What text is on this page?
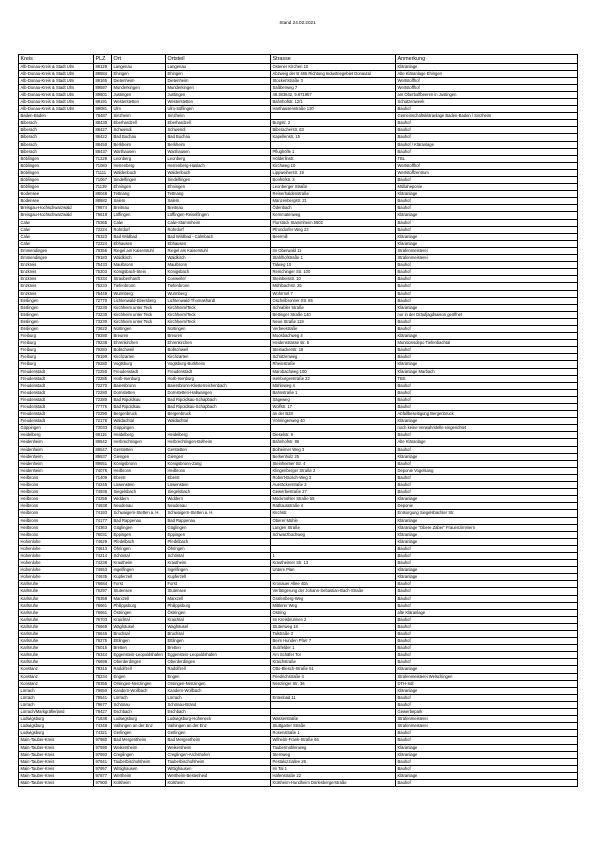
Stand 24.02.2021
Kreis	PLZ	Ort	Ortsteil	Strasse	Anmerkung
Alb-Donau-Kreis & Stadt Ulm	89129	Langenau	Langenau	Ostener Kirchen 10	Kläranlage
Alb-Donau-Kreis & Stadt Ulm	89584	Ehingen	Ehingen	Abzweig der B 465 Richtung Industriegebiet Donautal	Alte Kläranlage Ehingen
Alb-Donau-Kreis & Stadt Ulm	89165	Dietenheim	Dietenheim	Stockertstraße 3	Wertstoffhof
Alb-Donau-Kreis & Stadt Ulm	89597	Munderkingen	Munderkingen	Saßberweg 7	Wertstoffhof
Alb-Donau-Kreis & Stadt Ulm	89601	Justingen	Justingen	48.383642, 9.671957	am Oberbolfbeeren in Justingen
Alb-Donau-Kreis & Stadt Ulm	89191	Westerstetten	Westerstetten	Bahnhofstr. 12/1	Schützenweek
Alb-Donau-Kreis & Stadt Ulm	89081	Ulm	Ulm-Söflingen	Harthausenstraße 130	Bauhof
Baden-Baden	76487	Sinzheim	Sinzheim		Gemeinschaftskläranlage Baden-Baden / Sinzheim
Biberach	88430	Eberhardzell	Eberhardzell	Burgstr. 2	Bauhof
Biberach	88427	Schwendi	Schwendi	Biberacherstr. 63	Bauhof
Biberach	88422	Bad Buchau	Bad Buchau	Kapellenstr. 15	Bauhof
Biberach	88450	Berkheim	Berkheim		Bauhof / Kläranlage
Biberach	88437	Warthausen	Warthausen	Pflughöfle 1	Bauhof
Böblingen	71229	Leonberg	Leonberg	Hölderlinstr.	TBL
Böblingen	71083	Herrenberg	Herrenberg-Haslach	Kirchweg 10	Wertstoffhof
Böblingen	71111	Waldenbuch	Waldenbuch	Lippweiherstr. 19	Wertstoffzentrum
Böblingen	71067	Sindelfingen	Sindelfingen	Bonhöfstr. 3	Bauhof
Böblingen	71139	Ehningen	Ehningen	Leonberger Straße	Müllaheponie
Bodensee	88048	Tettnang	Tettnang	Reinerhaldenstraße	Kläranlage
Bodensee	88682	Salem	Salem	Manzenbergstr. 21	Bauhof
Breisgau-Hochschwarzwald	79874	Breitnau	Breitnau	Ödenbach	Bauhof
Breisgau-Hochschwarzwald	79618	Löffingen	Löffingen-Reiselfingen	Kernmatenweg	Kläranlage
Calw	75365	Calw	Calw-Stammheim	Flurstück Stammheim 5502	Bauhof
Calw	72224	Rohrdorf	Rohrdorf	Pfrondorfer Weg 23	Bauhof
Calw	75323	Bad Wildbad	Bad Wildbad - Calmbach	Beermill	Kläranlage
Calw	72224	Ebhausen	Ebhausen		Kläranlage
Emmendingen	79356	Riegel am Kaiserstuhl	Riegel am Kaiserstuhl	Im Oberwald 11	Strafenmeisterei
Emmendingen	79183	Waldkirch	Waldkirch	Stahlhofstraße 1	Strafenmeisterei
Enzkreis	75433	Maulbronn	Maulbronn	Talweg 10	Bauhof
Enzkreis	75203	Königsbach-Stein	Königsbach	Remchinger Str. 100	Bauhof
Enzkreis	75334	Straubenhardt	Conweiler	Steinbeisstr. 10	Bauhof
Enzkreis	75233	Tiefenbronn	Tiefenbronn	Mühlbachstr. 25	Bauhof
Enzkreis	75449	Wurmberg	Wurmberg	Wührrnel 7	Bauhof
Esslingen	72770	Lichtenwald-Ebersberg	Lichtenwald-Thomashardt	Oschelbronner Str. 85	Bauhof
Esslingen	73230	Kirchheim unter Teck	Kirchheim/Teck	Schrabler Straße	Kläranlage
Esslingen	73230	Kirchheim unter Teck	Kirchheim/Teck	Bettinger Straße 140	nur in der Dräufjagdsaison geöffnet
Esslingen	73230	Kirchheim unter Teck	Kirchheim/Teck	Neue Straße 119	Bauhof
Esslingen	73622	Nürtingen	Nürtingen	Verbeestraße	Bauhof
Freiburg	79280	Breuren	Breuren	Moosbachweg 4	Kläranlage
Freiburg	79238	Ehrenkirchen	Ehrenkirchen	Heidenstrasse str. 5	Munitionsdepo Tiefenbachtal
Freiburg	79283	Bollschweil	Bollschweil	Steinackerstr. 18	Bauhof
Freiburg	79199	Kirchzarten	Kirchzarten	Schützenweg	Bauhof
Freiburg	79280	Vogtsburg	Vogtsburg-Burkheim	Rheinstraße	Kläranlage
Freudenstadt	72250	Freudenstadt	Freudenstadt	Marobachweg 100	Kläranlage Marbach
Freudenstadt	72285	Horb-Isenburg	Horb-Isenburg	Isenburgerstraße 22	TBS
Freudenstadt	72270	Baiersbronn	Baiersbronn-Klosterreichenbach	Mühleweg 4	Bauhof
Freudenstadt	72280	Dornstetten	Dornstetten-Hallwangen	Bahnstraße 1	Bauhof
Freudenstadt	72280	Bad Ripoldsau	Bad Ripoldsau-Schapbach	Sägeweg	Bauhof
Freudenstadt	77776	Bad Ripoldsau	Bad Ripoldsau-Schapbach	Wolfstr. 17	Bauhof
Freudenstadt	72290	Bergenbruck	Bergenbruck	an der B28	Abfallbeseitigung Bergenbruck
Freudenstadt	72178	Waldachtal	Waldachtal	Vöhringenweg 40	Kläranlage
Göppingen	73033	Göppingen			noch keine Verwahrstelle eingerichtet
Heidelberg	69115	Heidelberg	Heidelberg	Dieselstr. 9	Bauhof
Heidenheim	89542	Herbrechtingen	Herbrechtingen-Bolheim	Bahnhofstr. 86	Alte Kläranlage
Heidenheim	89547	Gerstetten	Gerstetten	Bolheimer Weg 3	Bauhof
Heidenheim	89537	Giengen	Giengen	Berkenholz 25	Kläranlage
Heidenheim	89551	Königsbronn	Königsbronn-Zang	Steinheimer Str. 4	Bauhof
Heidenheim	74076	Heilbronn	Heilbronn	Klingenberger Straße 2	Deponie Vogelsang
Heilbronn	71409	Eberst	Eberst	Robert-Bosch-Weg 3	Bauhof
Heilbronn	74245	Löwenstein	Löwenstein	Aueräckerstraße 2	Bauhof
Heilbronn	74936	Siegelsbach	Siegelsbach	Gewerbestraße 27	Bauhof
Heilbronn	74259	Widdern	Widdern	Möckmühler Straße 55	Kläranlage
Heilbronn	74638	Neudenau	Neudenau	Rathausstraße 4	Deponie
Heilbronn	74193	Schwaigern-Stetten a. H.	Schwaigern-Stetten a. H.	Kirchstr.	Entsorgung Siegelsbachter Str.
Heilbronn	74177	Bad Rappenau	Bad Rappenau	Oberer Mühle	Kläranlage
Heilbronn	74363	Güglingen	Güglingen	Langen Straße	Kläranlage "Obere Zaber" Frauenzimmern
Heilbronn	76031	Eppingen	Eppingen	Schwarzbuchweg	Kläranlage
Hohenlohe	74629	Pfedelbach	Pfedelbach		Kläranlage
Hohenlohe	74613	Öhringen	Öhringen		Bauhof
Hohenlohe	74214	Schöntal	Schöntal	1	Bauhof
Hohenlohe	74238	Krautheim	Krautheim	Krautheimer Str. 13	Bauhof
Hohenlohe	74653	Ingelfingen	Ingelfingen	Untere Plan	Kläranlage
Hohenlohe	74635	Kupferzell	Kupferzell		Kläranlage
Karlsruhe	76684	Forst	Forst	Kronauer Allee 40a	Bauhof
Karlsruhe	76297	Stutensee	Stutensee	Verlängerung der Johann-Sebastian-Bach-Straße	Bauhof
Karlsruhe	76359	Marxzell	Marxzell	Grafenberg-Weg	Bauhof
Karlsruhe	76661	Philippsburg	Philippsburg	Mittlerer Weg	Bauhof
Karlsruhe	76661	Östringen	Östringen	Ostring	alte Kläranlage
Karlsruhe	76703	Kraichtal	Kraichtal	Im Kreisbrunnen 2	Bauhof
Karlsruhe	76669	Waghäusel	Waghäusel	Stutenweg 18	Bauhof
Karlsruhe	76646	Bruchsal	Bruchsal	Talstraße 3	Bauhof
Karlsruhe	76275	Ettlingen	Ettlingen	Beim Hunden Pfarr 7	Bauhof
Karlsruhe	75015	Bretten	Bretten	Sulzfelder 1	Bauhof
Karlsruhe	76344	Eggenstein-Leopoldshafen	Eggenstein-Leopoldshafen	Am Schäfer Tor	Bauhof
Karlsruhe	76698	Oberderdingen	Oberderdingen	Kraichstraße	Bauhof
Konstanz	78315	Radolfzell	Radolfzell	Otto-Blesch-Straße 51	Kläranlage
Konstanz	78234	Engen	Engen	Friedrichstraße 4	Strafenmeisterei Welschingen
Konstanz	78355	Orsingen-Nenzingen	Orsingen-Nenzingen	Nenzinger Str. 36	DTH-Sdl
Lörrach	79650	Kandern-Wollbach	Kandern-Wollbach		Kläranlage
Lörrach	79541	Lörrach	Lörrach	Entenbad 11	Bauhof
Lörrach	79677	Schönau	Schönau-Brand		Bauhof
Lörrach/Markgräflerland	79427	Eschbach	Eschbach		Gewerbepark
Ludwigsburg	71638	Ludwigsburg	Ludwigsburg-Hoheneck	Wasserstraße	Strafenmeisterei
Ludwigsburg	74348	Vaihingen an der Enz	Vaihingen an der Enz	Stuttgarter Straße	Strafenmeisterei
Ludwigsburg	74321	Gerlingen	Gerlingen	Rosenstraße 1	Bauhof
Main-Tauber-Kreis	97980	Bad Mergentheim	Bad Mergentheim	Wilhelm-Frank-Straße 66	Bauhof
Main-Tauber-Kreis	97990	Weikersheim	Weikersheim	Taubermühlenweg	Kläranlage
Main-Tauber-Kreis	97993	Creglingen	Creglingen-Archshofen	Sternweg	Kläranlage
Main-Tauber-Kreis	97941	Tauberbischofsheim	Tauberbischofsheim	Pestalozziallee 26	Bauhof
Main-Tauber-Kreis	97957	Wittighausen	Wittighausen	Im Tal 1	Bauhof
Main-Tauber-Kreis	97877	Wertheim	Wertheim-Bestenheid	Hafenstraße 22	Kläranlage
Main-Tauber-Kreis	97900	Külsheim	Külsheim	Külsheim-Hundheim Dörlesbergerstraße	Bauhof
